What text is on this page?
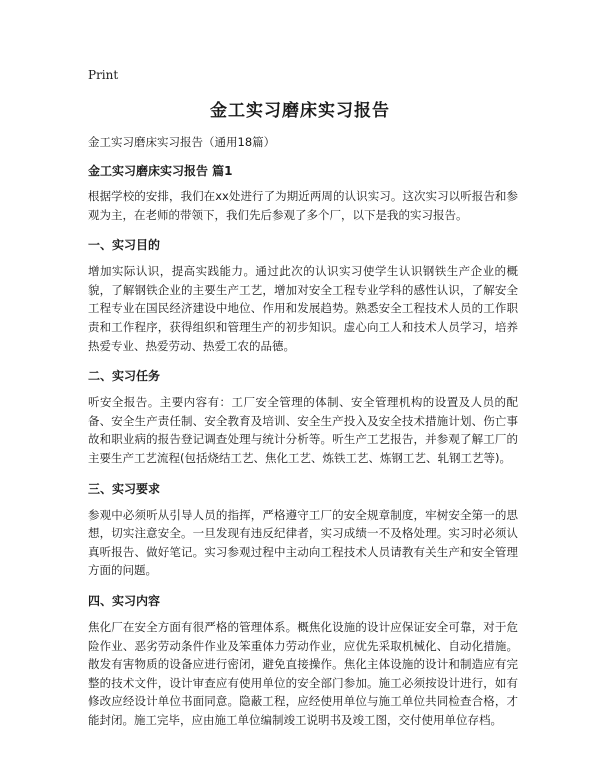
Print
金工实习磨床实习报告

金工实习磨床实习报告（通用18篇）

金工实习磨床实习报告 篇1

根据学校的安排，我们在xx处进行了为期近两周的认识实习。这次实习以听报告和参观为主，在老师的带领下，我们先后参观了多个厂，以下是我的实习报告。

一、实习目的

增加实际认识，提高实践能力。通过此次的认识实习使学生认识钢铁生产企业的概貌，了解钢铁企业的主要生产工艺，增加对安全工程专业学科的感性认识，了解安全工程专业在国民经济建设中地位、作用和发展趋势。熟悉安全工程技术人员的工作职责和工作程序，获得组织和管理生产的初步知识。虚心向工人和技术人员学习，培养热爱专业、热爱劳动、热爱工农的品德。

二、实习任务

听安全报告。主要内容有：工厂安全管理的体制、安全管理机构的设置及人员的配备、安全生产责任制、安全教育及培训、安全生产投入及安全技术措施计划、伤亡事故和职业病的报告登记调查处理与统计分析等。听生产工艺报告，并参观了解工厂的主要生产工艺流程(包括烧结工艺、焦化工艺、炼铁工艺、炼钢工艺、轧钢工艺等)。

三、实习要求

参观中必须听从引导人员的指挥，严格遵守工厂的安全规章制度，牢树安全第一的思想，切实注意安全。一旦发现有违反纪律者，实习成绩一不及格处理。实习时必须认真听报告、做好笔记。实习参观过程中主动向工程技术人员请教有关生产和安全管理方面的问题。

四、实习内容

焦化厂在安全方面有很严格的管理体系。概焦化设施的设计应保证安全可靠，对于危险作业、恶劣劳动条件作业及笨重体力劳动作业，应优先采取机械化、自动化措施。散发有害物质的设备应进行密闭，避免直接操作。焦化主体设施的设计和制造应有完整的技术文件，设计审查应有使用单位的安全部门参加。施工必须按设计进行，如有修改应经设计单位书面同意。隐蔽工程，应经使用单位与施工单位共同检查合格，才能封闭。施工完毕，应由施工单位编制竣工说明书及竣工图，交付使用单位存档。
